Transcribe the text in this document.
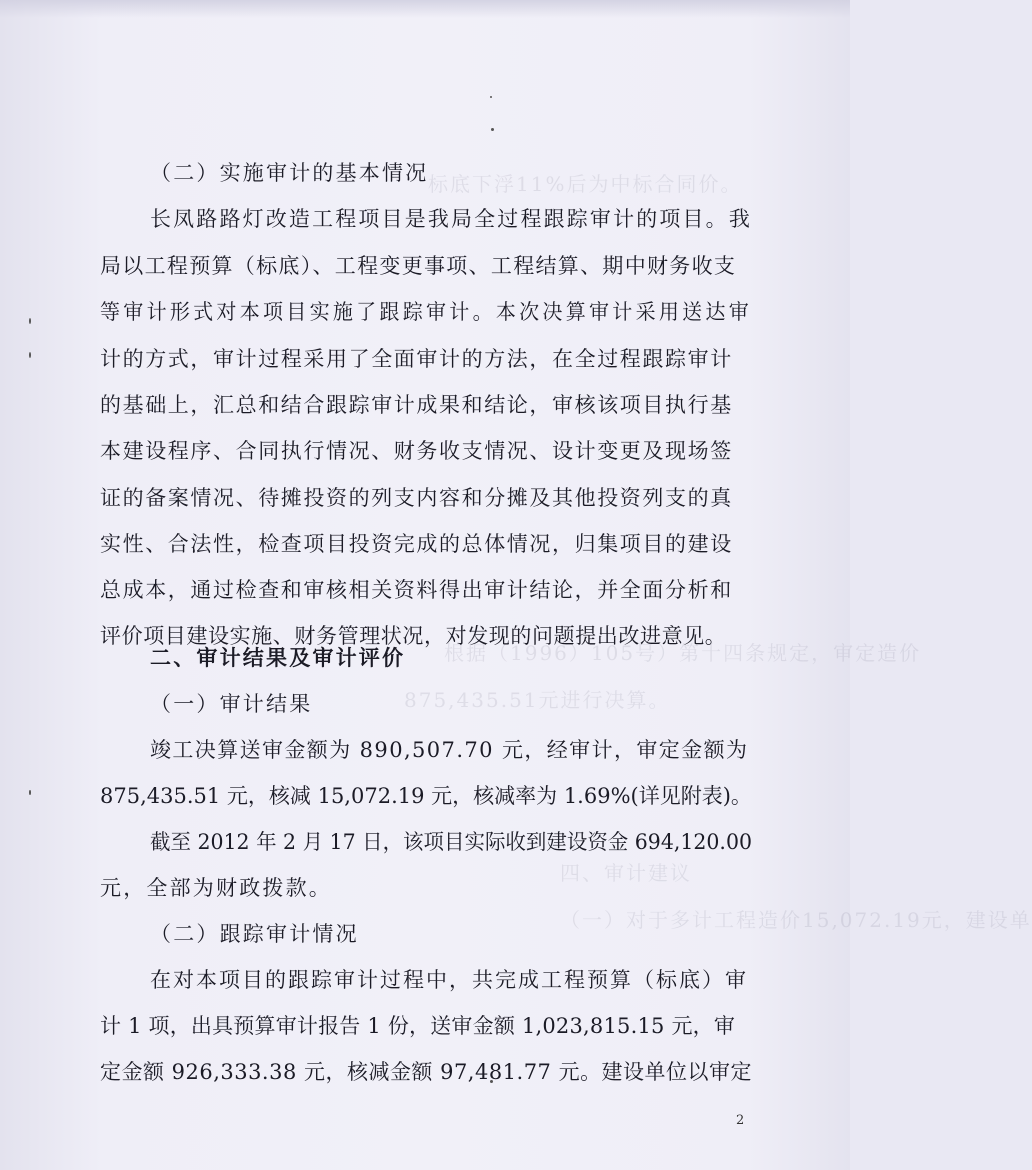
标底下浮11%后为中标合同价。
根据（1996）105号）第十四条规定，审定造价
875,435.51元进行决算。
四、审计建议
（一）对于多计工程造价15,072.19元，建设单
（二）实施审计的基本情况
长凤路路灯改造工程项目是我局全过程跟踪审计的项目。我
局以工程预算（标底）、工程变更事项、工程结算、期中财务收支
等审计形式对本项目实施了跟踪审计。本次决算审计采用送达审
计的方式，审计过程采用了全面审计的方法，在全过程跟踪审计
的基础上，汇总和结合跟踪审计成果和结论，审核该项目执行基
本建设程序、合同执行情况、财务收支情况、设计变更及现场签
证的备案情况、待摊投资的列支内容和分摊及其他投资列支的真
实性、合法性，检查项目投资完成的总体情况，归集项目的建设
总成本，通过检查和审核相关资料得出审计结论，并全面分析和
评价项目建设实施、财务管理状况，对发现的问题提出改进意见。
二、审计结果及审计评价
（一）审计结果
竣工决算送审金额为 890,507.70 元，经审计，审定金额为
875,435.51 元，核减 15,072.19 元，核减率为 1.69%(详见附表)。
截至 2012 年 2 月 17 日，该项目实际收到建设资金 694,120.00
元，全部为财政拨款。
（二）跟踪审计情况
在对本项目的跟踪审计过程中，共完成工程预算（标底）审
计 1 项，出具预算审计报告 1 份，送审金额 1,023,815.15 元，审
定金额 926,333.38 元，核减金额 97,481.77 元。建设单位以审定
2
